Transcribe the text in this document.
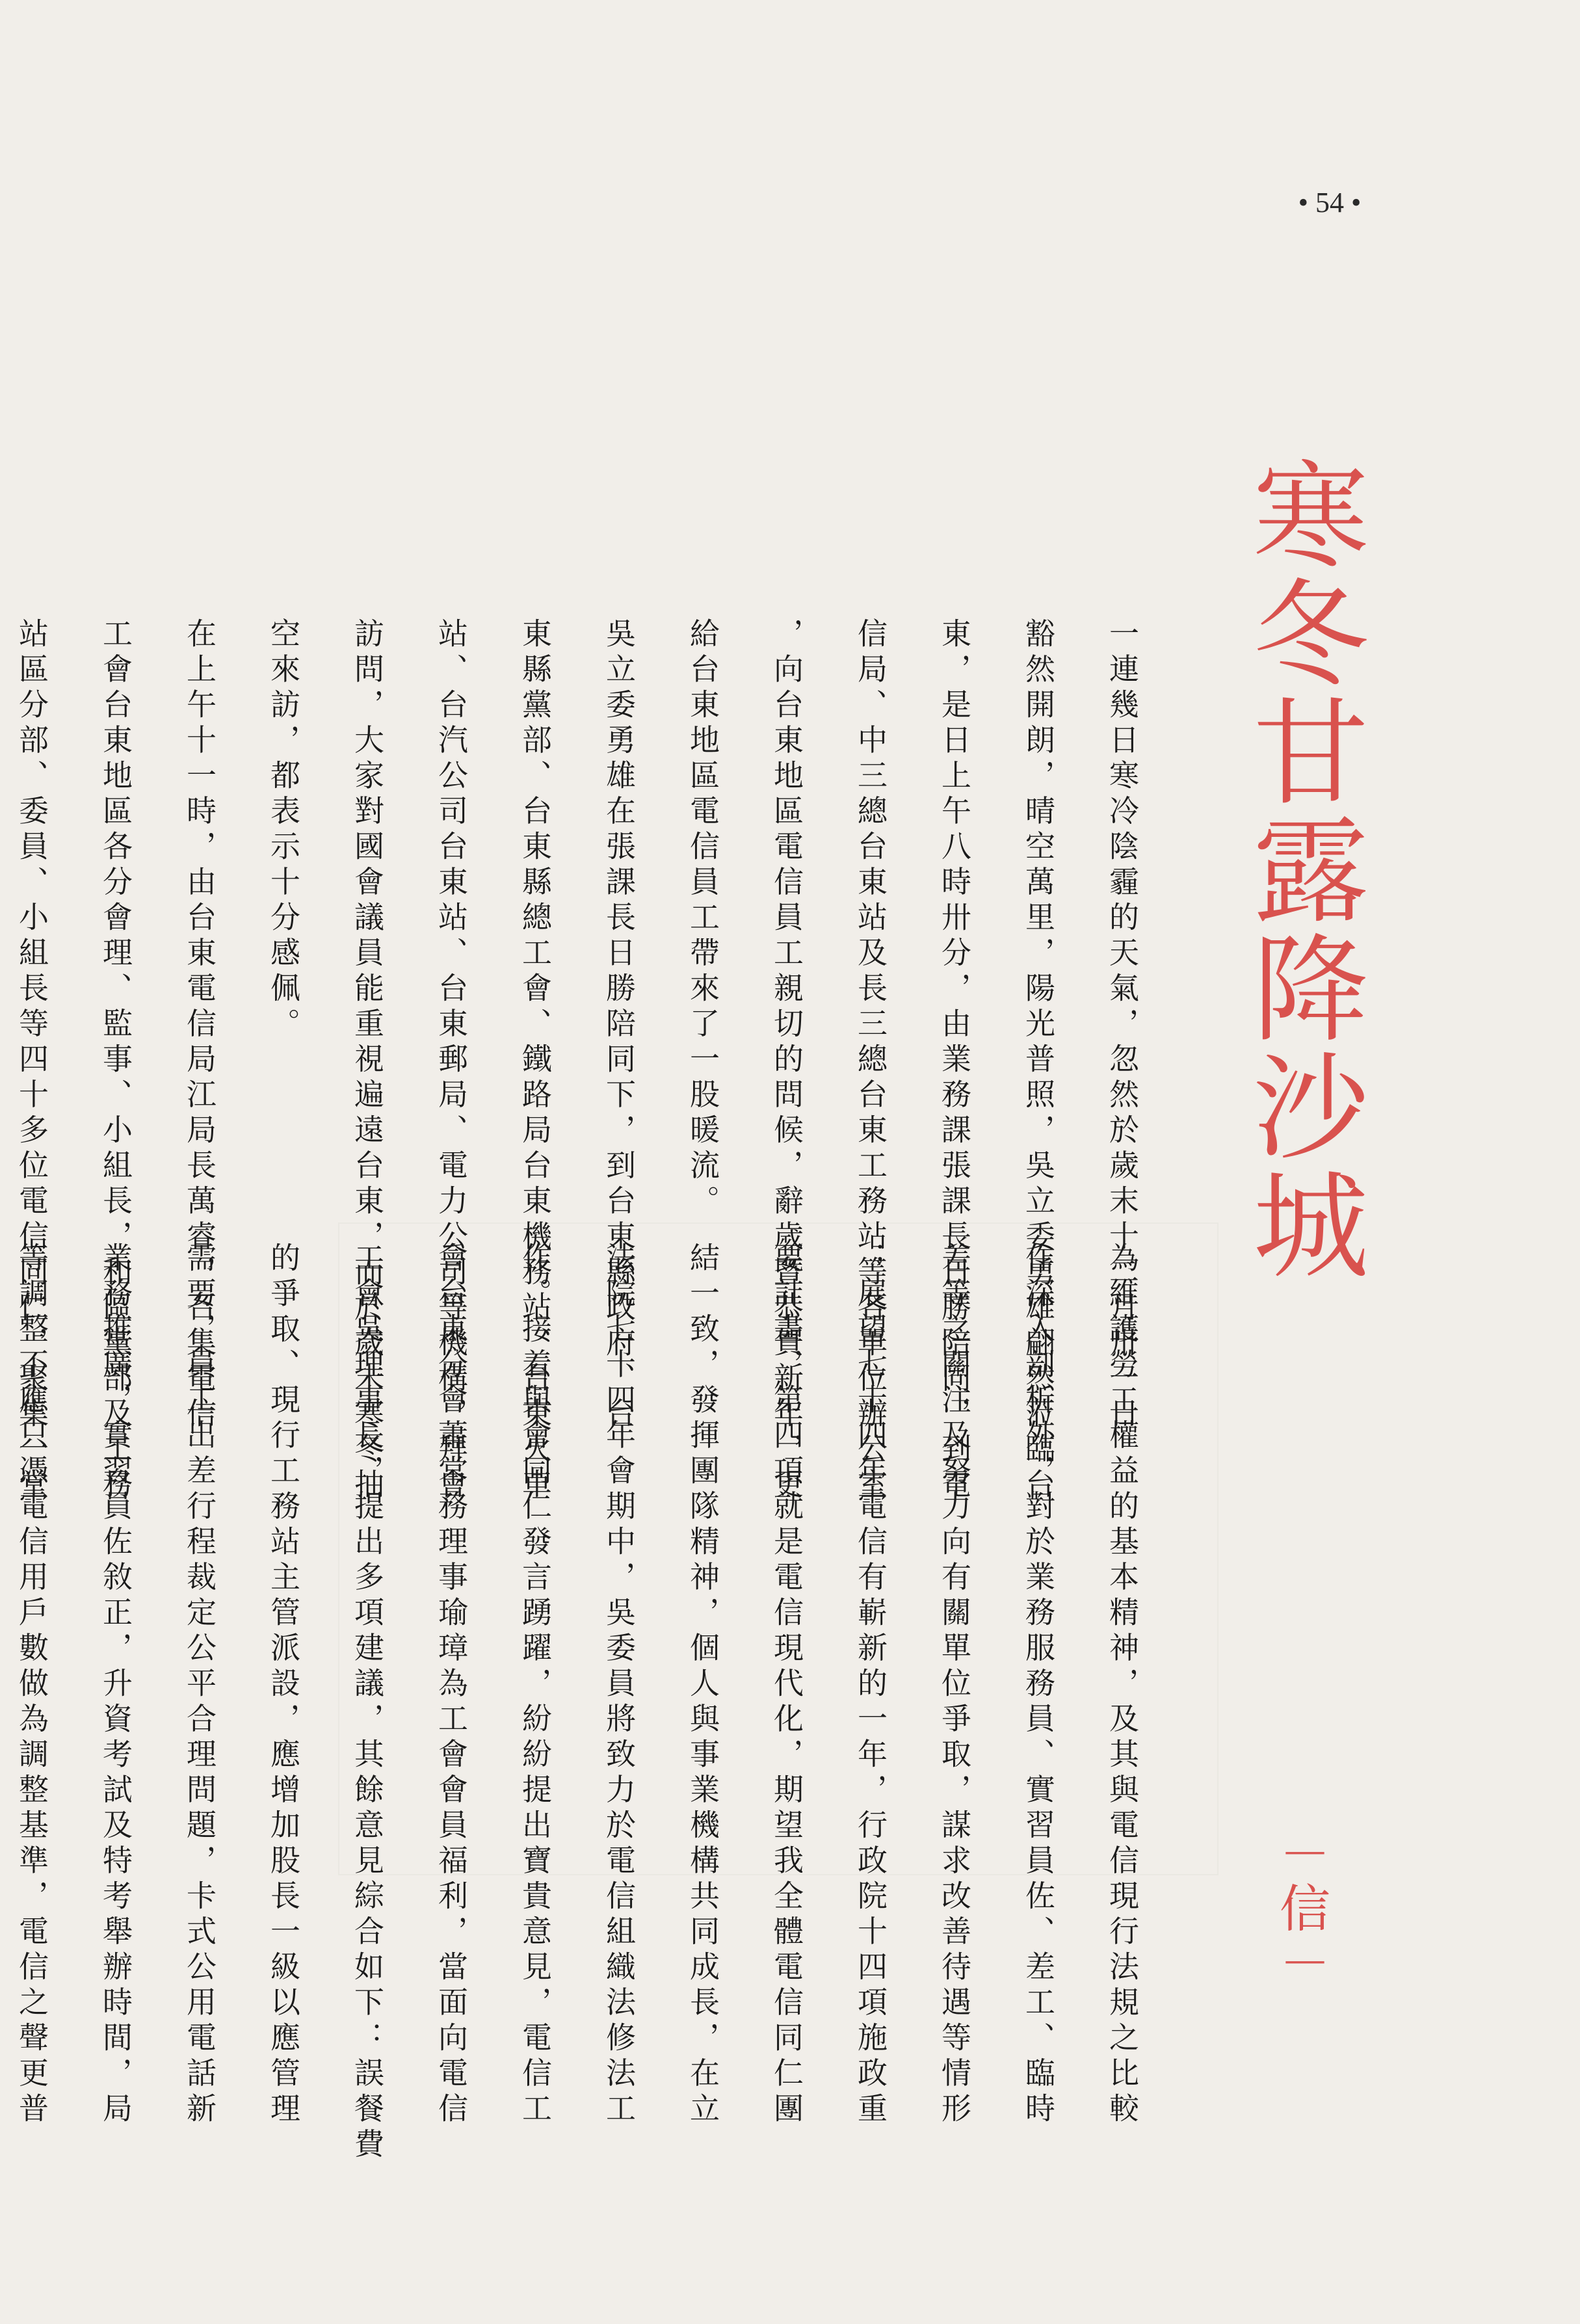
• 54 •
寒冬甘露降沙城
－信－
一連幾日寒冷陰霾的天氣，忽然於歲末十二月卅一日
豁然開朗，晴空萬里，陽光普照，吳立委勇雄翩然蒞臨台
東，是日上午八時卅分，由業務課張課長日勝陪同，到電
信局、中三總台東站及長三總台東工務站等各單位辦公室
，向台東地區電信員工親切的問候，辭歲暨恭賀新年，更
給台東地區電信員工帶來了一股暖流。
吳立委勇雄在張課長日勝陪同下，到台東縣政府、台
東縣黨部、台東縣總工會、鐵路局台東機務站、台東火車
站、台汽公司台東站、台東郵局、電力公司等機構，拜會
訪問，大家對國會議員能重視遍遠台東，而於歲末寒冬抽
空來訪，都表示十分感佩。
在上午十一時，由台東電信局江局長萬睿，召集電信
工會台東地區各分會理、監事、小組長，和區黨部及工務
站區分部、委員、小組長等四十多位電信同仁，聚集一堂
為維護勞工權益的基本精神，及其與電信現行法規之比較
作深入剖析外，對於業務服務員、實習員佐、差工、臨時
差等之關注及努力向有關單位爭取，謀求改善待遇等情形
；展望七十四年電信有嶄新的一年，行政院十四項施政重
要計畫，第四項就是電信現代化，期望我全體電信同仁團
結一致，發揮團隊精神，個人與事業機構共同成長，在立
法院七十四年會期中，吳委員將致力於電信組織法修法工
作。接着與會同仁發言踴躍，紛紛提出寶貴意見，電信工
會台東分會蕭常務理事瑜璋為工會會員福利，當面向電信
工會吳理事長，提出多項建議，其餘意見綜合如下：誤餐費
的爭取、現行工務站主管派設，應增加股長一級以應管理
需要，員工出差行程裁定公平合理問題，卡式公用電話新
業務推廣，實習員佐敘正，升資考試及特考舉辦時間，局
等調整不應只憑電信用戶數做為調整基準，電信之聲更普
